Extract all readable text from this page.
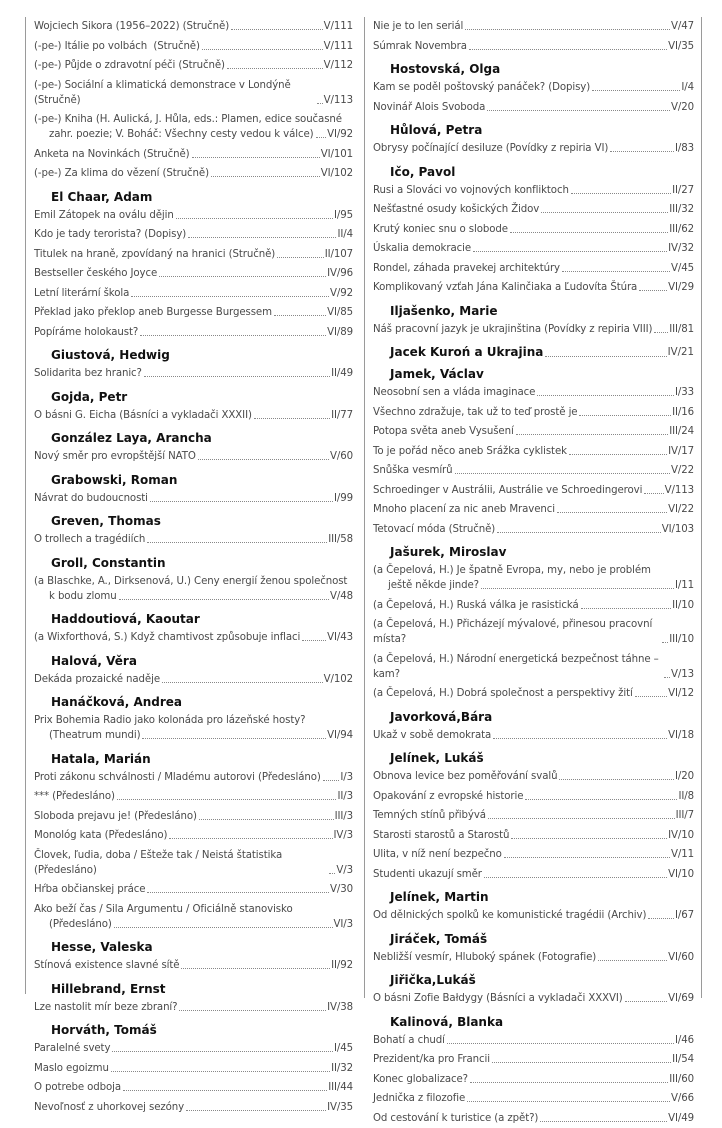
Wojciech Sikora (1956–2022) (Stručně)	V/111
(-pe-) Itálie po volbách  (Stručně)	V/111
(-pe-) Půjde o zdravotní péči (Stručně)	V/112
(-pe-) Sociální a klimatická demonstrace v Londýně (Stručně)	V/113
(-pe-) Kniha (H. Aulická, J. Hůla, eds.: Plamen, edice současné
zahr. poezie; V. Boháč: Všechny cesty vedou k válce) VI/92
Anketa na Novinkách (Stručně)	VI/101
(-pe-) Za klima do vězení (Stručně)	VI/102
El Chaar, Adam
Emil Zátopek na oválu dějin	I/95
Kdo je tady terorista? (Dopisy)	II/4
Titulek na hraně, zpovídaný na hranici (Stručně)	II/107
Bestseller českého Joyce	IV/96
Letní literární škola	V/92
Překlad jako překlop aneb Burgesse Burgessem	VI/85
Popíráme holokaust?	VI/89
Giustová, Hedwig
Solidarita bez hranic?	II/49
Gojda, Petr
O básni G. Eicha (Básníci a vykladači XXXII)	II/77
González Laya, Arancha
Nový směr pro evropštější NATO	V/60
Grabowski, Roman
Návrat do budoucnosti	I/99
Greven, Thomas
O trollech a tragédiích	III/58
Groll, Constantin
(a Blaschke, A., Dirksenová, U.) Ceny energií ženou společnost
k bodu zlomu	V/48
Haddoutiová, Kaoutar
(a Wixforthová, S.) Když chamtivost způsobuje inflaci	VI/43
Halová, Věra
Dekáda prozaické naděje	V/102
Hanáčková, Andrea
Prix Bohemia Radio jako kolonáda pro lázeňské hosty?
(Theatrum mundi)	VI/94
Hatala, Marián
Proti zákonu schválnosti / Mladému autorovi (Předesláno) I/3
*** (Předesláno)	II/3
Sloboda prejavu je! (Předesláno)	III/3
Monológ kata (Předesláno)	IV/3
Človek, ľudia, doba / Ešteže tak / Neistá štatistika (Předesláno)	V/3
Hŕba občianskej práce	V/30
Ako beží čas / Sila Argumentu / Oficiálně stanovisko
(Předesláno)	VI/3
Hesse, Valeska
Stínová existence slavné sítě	II/92
Hillebrand, Ernst
Lze nastolit mír beze zbraní?	IV/38
Horváth, Tomáš
Paralelné svety	I/45
Maslo egoizmu	II/32
O potrebe odboja	III/44
Nevoľnosť z uhorkovej sezóny	IV/35
Nie je to len seriál	V/47
Súmrak Novembra	VI/35
Hostovská, Olga
Kam se poděl poštovský panáček? (Dopisy)	I/4
Novinář Alois Svoboda	V/20
Hůlová, Petra
Obrysy počínající desiluze (Povídky z repiria VI)	I/83
Ičo, Pavol
Rusi a Slováci vo vojnových konfliktoch	II/27
Nešťastné osudy košických Židov	III/32
Krutý koniec snu o slobode	III/62
Úskalia demokracie	IV/32
Rondel, záhada pravekej architektúry	V/45
Komplikovaný vzťah Jána Kalinčiaka a Ľudovíta Štúra	VI/29
Iljašenko, Marie
Náš pracovní jazyk je ukrajinština (Povídky z repiria VIII) III/81
Jacek Kuroń a Ukrajina	IV/21
Jamek, Václav
Neosobní sen a vláda imaginace	I/33
Všechno zdražuje, tak už to teď prostě je	II/16
Potopa světa aneb Vysušení	III/24
To je pořád něco aneb Srážka cyklistek	IV/17
Snůška vesmírů	V/22
Schroedinger v Austrálii, Austrálie ve Schroedingerovi V/113
Mnoho placení za nic aneb Mravenci	VI/22
Tetovací móda (Stručně)	VI/103
Jašurek, Miroslav
(a Čepelová, H.) Je špatně Evropa, my, nebo je problém
ještě někde jinde?	I/11
(a Čepelová, H.) Ruská válka je rasistická	II/10
(a Čepelová, H.) Přicházejí mývalové, přinesou pracovní místa?	III/10
(a Čepelová, H.) Národní energetická bezpečnost táhne – kam?	V/13
(a Čepelová, H.) Dobrá společnost a perspektivy žití	VI/12
Javorková,Bára
Ukaž v sobě demokrata	VI/18
Jelínek, Lukáš
Obnova levice bez poměřování svalů	I/20
Opakování z evropské historie	II/8
Temných stínů přibývá	III/7
Starosti starostů a Starostů	IV/10
Ulita, v níž není bezpečno	V/11
Studenti ukazují směr	VI/10
Jelínek, Martin
Od dělnických spolků ke komunistické tragédii (Archiv)	I/67
Jiráček, Tomáš
Nebližší vesmír, Hluboký spánek (Fotografie)	VI/60
Jiřička,Lukáš
O básni Zofie Bałdygy (Básníci a vykladači XXXVI)	VI/69
Kalinová, Blanka
Bohatí a chudí	I/46
Prezident/ka pro Francii	II/54
Konec globalizace?	III/60
Jednička z filozofie	V/66
Od cestování k turistice (a zpět?)	VI/49
